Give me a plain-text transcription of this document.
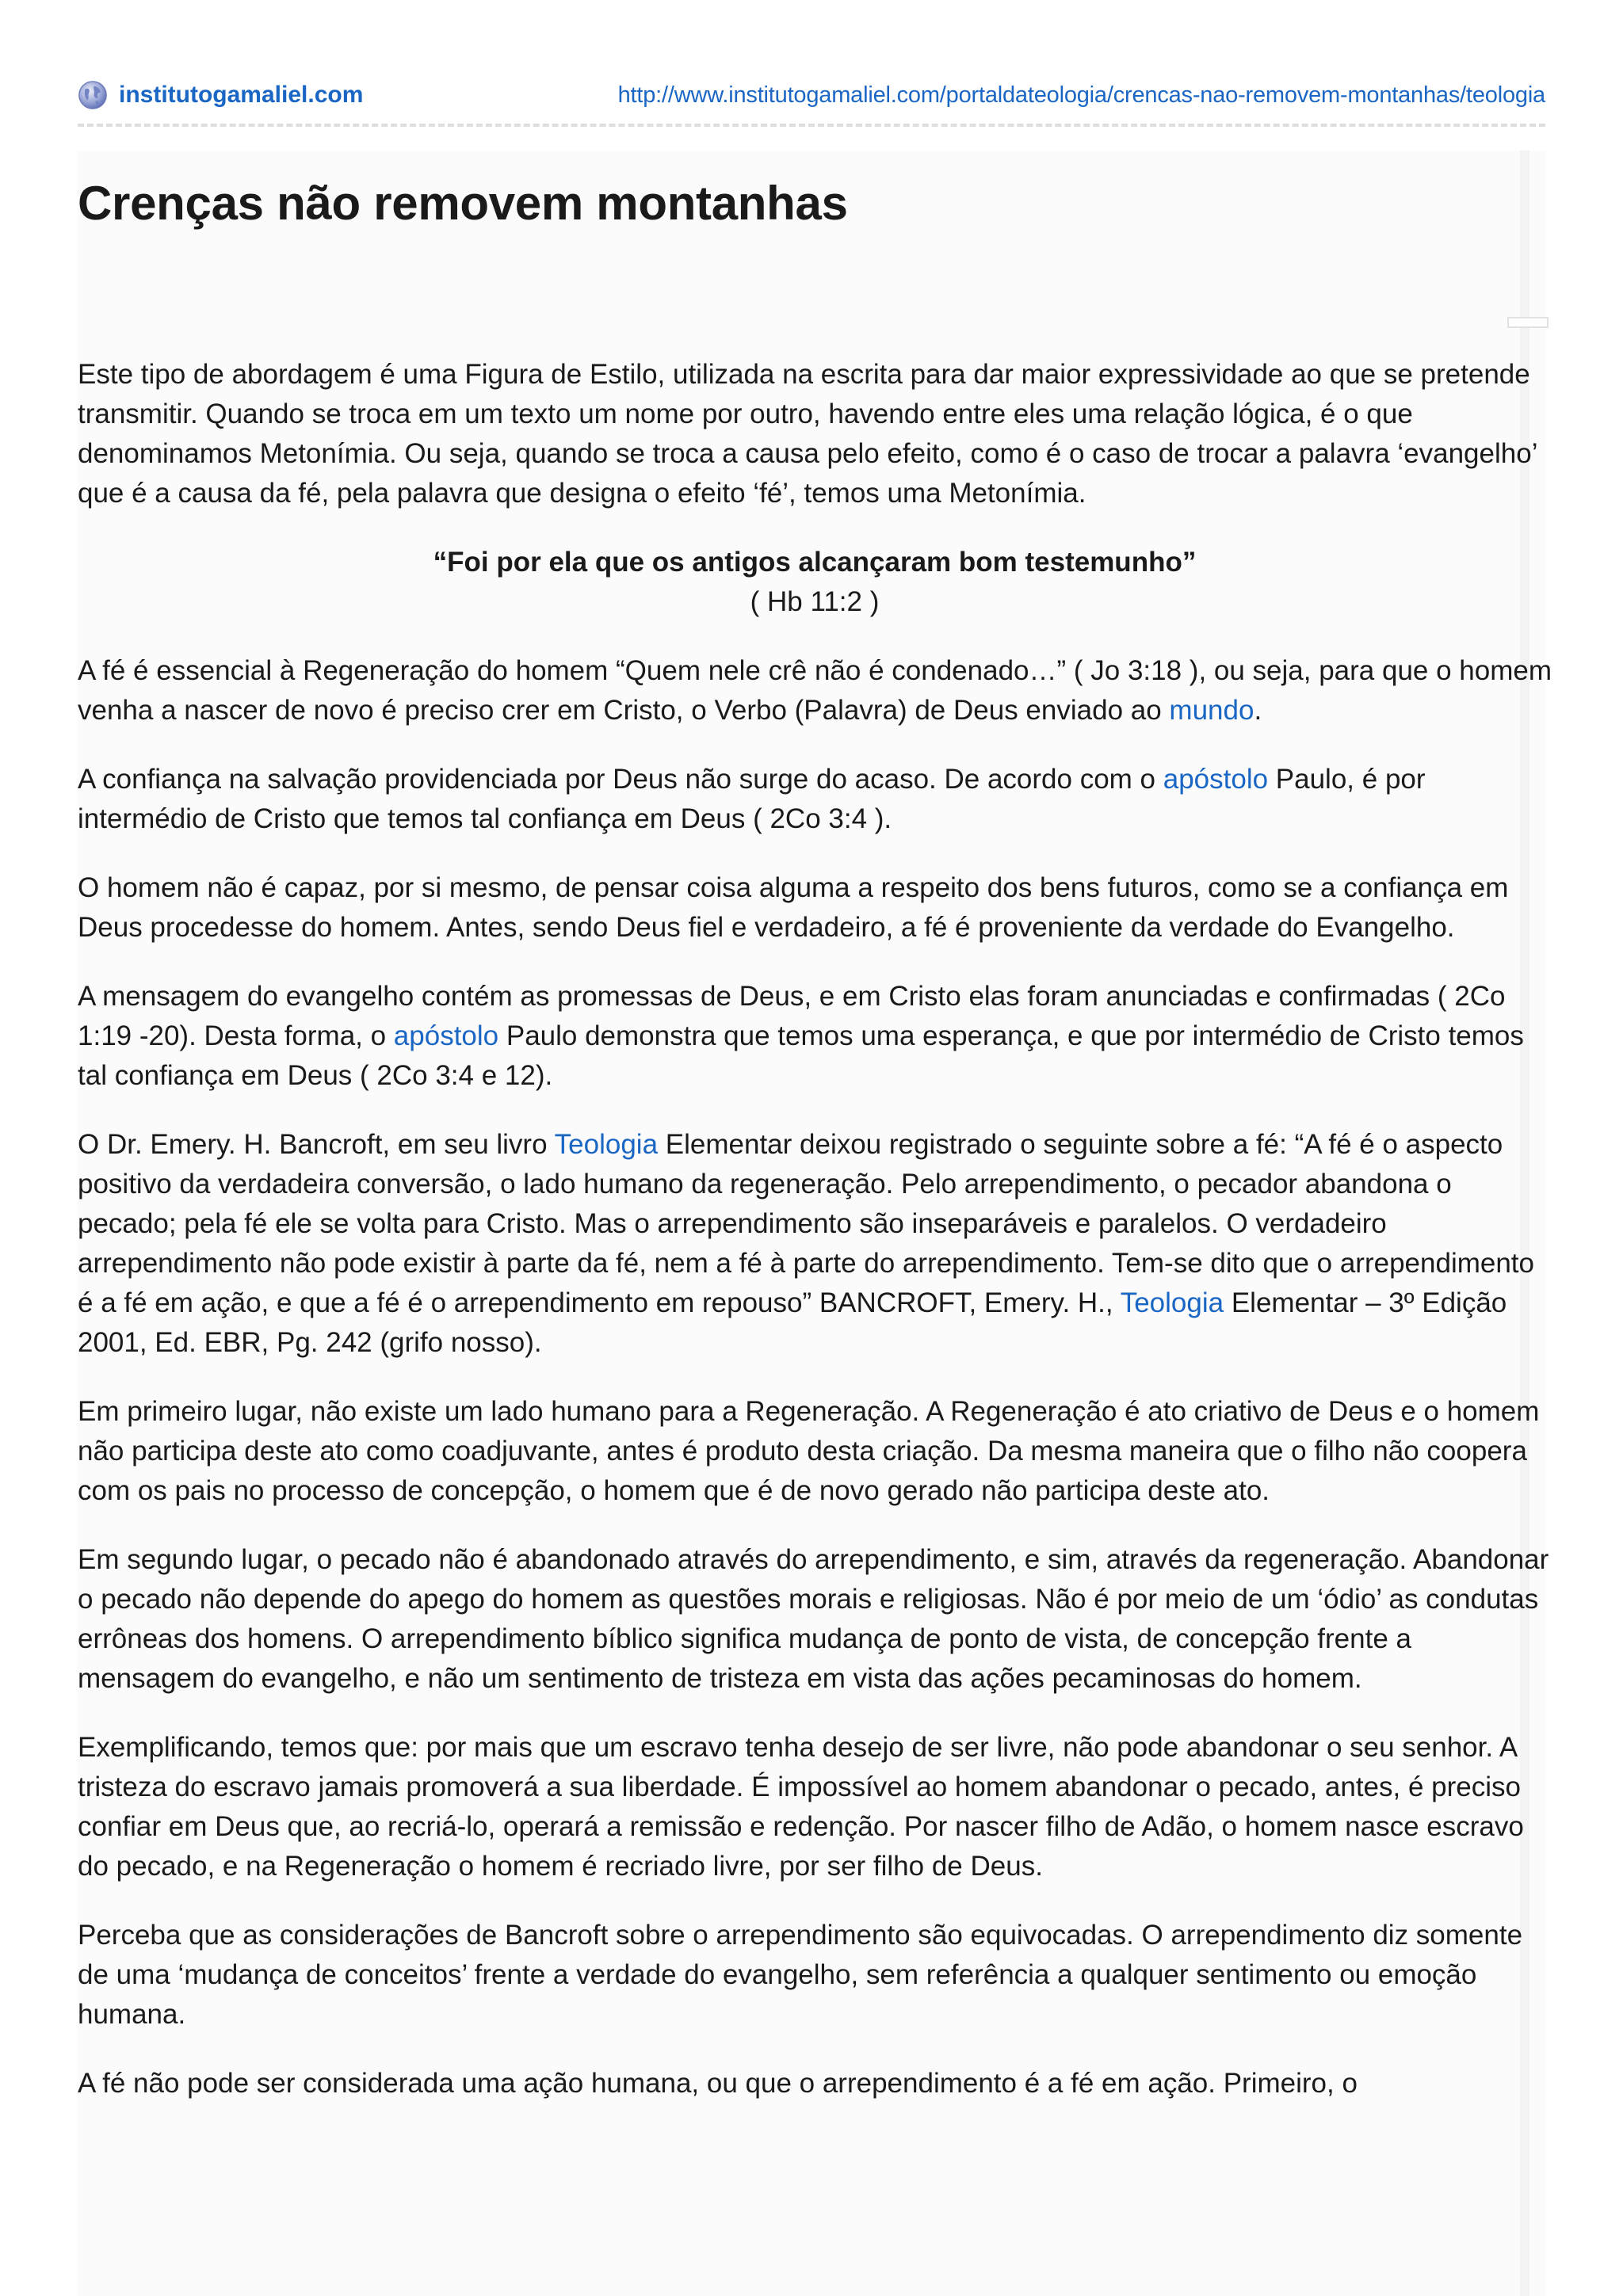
institutogamaliel.com	http://www.institutogamaliel.com/portaldateologia/crencas-nao-removem-montanhas/teologia
Crenças não removem montanhas

Este tipo de abordagem é uma Figura de Estilo, utilizada na escrita para dar maior expressividade ao que se pretende transmitir. Quando se troca em um texto um nome por outro, havendo entre eles uma relação lógica, é o que denominamos Metonímia. Ou seja, quando se troca a causa pelo efeito, como é o caso de trocar a palavra ‘evangelho’ que é a causa da fé, pela palavra que designa o efeito ‘fé’, temos uma Metonímia.

“Foi por ela que os antigos alcançaram bom testemunho”
( Hb 11:2 )

A fé é essencial à Regeneração do homem “Quem nele crê não é condenado…” ( Jo 3:18 ), ou seja, para que o homem venha a nascer de novo é preciso crer em Cristo, o Verbo (Palavra) de Deus enviado ao mundo.

A confiança na salvação providenciada por Deus não surge do acaso. De acordo com o apóstolo Paulo, é por intermédio de Cristo que temos tal confiança em Deus ( 2Co 3:4 ).

O homem não é capaz, por si mesmo, de pensar coisa alguma a respeito dos bens futuros, como se a confiança em Deus procedesse do homem. Antes, sendo Deus fiel e verdadeiro, a fé é proveniente da verdade do Evangelho.

A mensagem do evangelho contém as promessas de Deus, e em Cristo elas foram anunciadas e confirmadas ( 2Co 1:19 -20). Desta forma, o apóstolo Paulo demonstra que temos uma esperança, e que por intermédio de Cristo temos tal confiança em Deus ( 2Co 3:4 e 12).

O Dr. Emery. H. Bancroft, em seu livro Teologia Elementar deixou registrado o seguinte sobre a fé: “A fé é o aspecto positivo da verdadeira conversão, o lado humano da regeneração. Pelo arrependimento, o pecador abandona o pecado; pela fé ele se volta para Cristo. Mas o arrependimento são inseparáveis e paralelos. O verdadeiro arrependimento não pode existir à parte da fé, nem a fé à parte do arrependimento. Tem-se dito que o arrependimento é a fé em ação, e que a fé é o arrependimento em repouso” BANCROFT, Emery. H., Teologia Elementar – 3º Edição 2001, Ed. EBR, Pg. 242 (grifo nosso).

Em primeiro lugar, não existe um lado humano para a Regeneração. A Regeneração é ato criativo de Deus e o homem não participa deste ato como coadjuvante, antes é produto desta criação. Da mesma maneira que o filho não coopera com os pais no processo de concepção, o homem que é de novo gerado não participa deste ato.

Em segundo lugar, o pecado não é abandonado através do arrependimento, e sim, através da regeneração. Abandonar o pecado não depende do apego do homem as questões morais e religiosas. Não é por meio de um ‘ódio’ as condutas errôneas dos homens. O arrependimento bíblico significa mudança de ponto de vista, de concepção frente a mensagem do evangelho, e não um sentimento de tristeza em vista das ações pecaminosas do homem.

Exemplificando, temos que: por mais que um escravo tenha desejo de ser livre, não pode abandonar o seu senhor. A tristeza do escravo jamais promoverá a sua liberdade. É impossível ao homem abandonar o pecado, antes, é preciso confiar em Deus que, ao recriá-lo, operará a remissão e redenção. Por nascer filho de Adão, o homem nasce escravo do pecado, e na Regeneração o homem é recriado livre, por ser filho de Deus.

Perceba que as considerações de Bancroft sobre o arrependimento são equivocadas. O arrependimento diz somente de uma ‘mudança de conceitos’ frente a verdade do evangelho, sem referência a qualquer sentimento ou emoção humana.

A fé não pode ser considerada uma ação humana, ou que o arrependimento é a fé em ação. Primeiro, o
